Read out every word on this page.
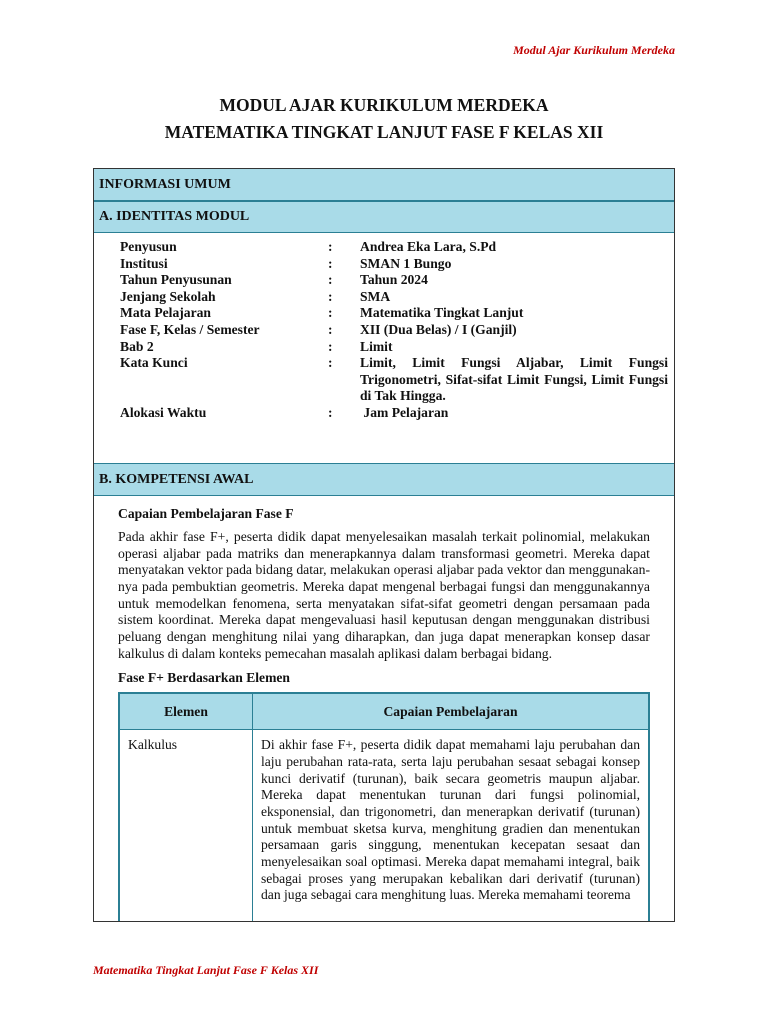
Modul Ajar Kurikulum Merdeka
MODUL AJAR KURIKULUM MERDEKA
MATEMATIKA TINGKAT LANJUT FASE F KELAS XII
INFORMASI UMUM
A. IDENTITAS MODUL
Penyusun	:	Andrea Eka Lara, S.Pd
Institusi	:	SMAN 1 Bungo
Tahun Penyusunan	:	Tahun 2024
Jenjang Sekolah	:	SMA
Mata Pelajaran	:	Matematika Tingkat Lanjut
Fase F, Kelas / Semester	:	XII (Dua Belas) / I (Ganjil)
Bab 2	:	Limit
Kata Kunci	:	Limit, Limit Fungsi Aljabar, Limit Fungsi Trigonometri, Sifat-sifat Limit Fungsi, Limit Fungsi di Tak Hingga.
Alokasi Waktu	:	Jam Pelajaran
B. KOMPETENSI AWAL
Capaian Pembelajaran Fase F
Pada akhir fase F+, peserta didik dapat menyelesaikan masalah terkait polinomial, melakukan operasi aljabar pada matriks dan menerapkannya dalam transformasi geometri. Mereka dapat menyatakan vektor pada bidang datar, melakukan operasi aljabar pada vektor dan menggunakan-nya pada pembuktian geometris. Mereka dapat mengenal berbagai fungsi dan menggunakannya untuk memodelkan fenomena, serta menyatakan sifat-sifat geometri dengan persamaan pada sistem koordinat. Mereka dapat mengevaluasi hasil keputusan dengan menggunakan distribusi peluang dengan menghitung nilai yang diharapkan, dan juga dapat menerapkan konsep dasar kalkulus di dalam konteks pemecahan masalah aplikasi dalam berbagai bidang.
Fase F+ Berdasarkan Elemen
Elemen	Capaian Pembelajaran
Kalkulus	Di akhir fase F+, peserta didik dapat memahami laju perubahan dan laju perubahan rata-rata, serta laju perubahan sesaat sebagai konsep kunci derivatif (turunan), baik secara geometris maupun aljabar. Mereka dapat menentukan turunan dari fungsi polinomial, eksponensial, dan trigonometri, dan menerapkan derivatif (turunan) untuk membuat sketsa kurva, menghitung gradien dan menentukan persamaan garis singgung, menentukan kecepatan sesaat dan menyelesaikan soal optimasi. Mereka dapat memahami integral, baik sebagai proses yang merupakan kebalikan dari derivatif (turunan) dan juga sebagai cara menghitung luas. Mereka memahami teorema
Matematika Tingkat Lanjut Fase F Kelas XII
